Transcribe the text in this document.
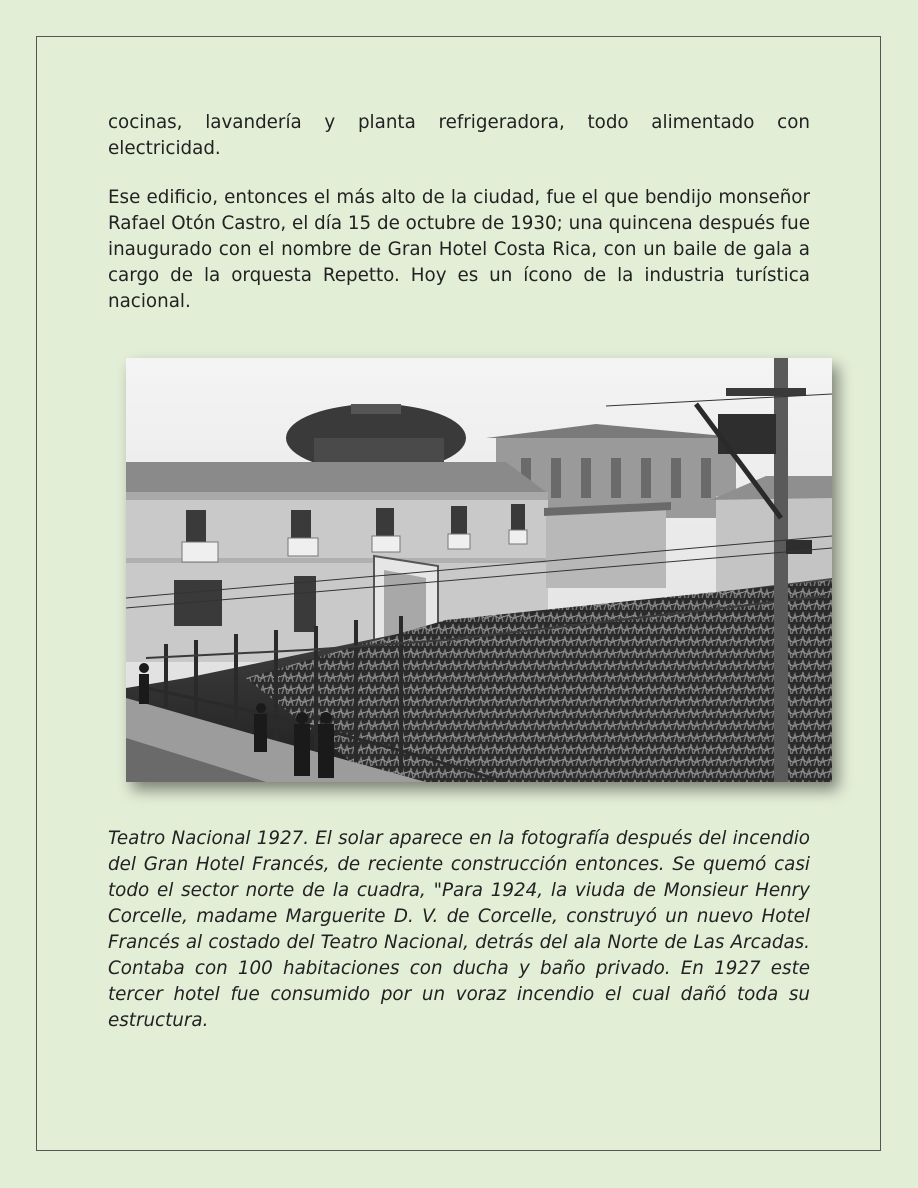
cocinas, lavandería y planta refrigeradora, todo alimentado con electricidad.

Ese edificio, entonces el más alto de la ciudad, fue el que bendijo monseñor Rafael Otón Castro, el día 15 de octubre de 1930; una quincena después fue inaugurado con el nombre de Gran Hotel Costa Rica, con un baile de gala a cargo de la orquesta Repetto. Hoy es un ícono de la industria turística nacional.

Teatro Nacional 1927. El solar aparece en la fotografía después del incendio del Gran Hotel Francés, de reciente construcción entonces. Se quemó casi todo el sector norte de la cuadra, "Para 1924, la viuda de Monsieur Henry Corcelle, madame Marguerite D. V. de Corcelle, construyó un nuevo Hotel Francés al costado del Teatro Nacional, detrás del ala Norte de Las Arcadas. Contaba con 100 habitaciones con ducha y baño privado. En 1927 este tercer hotel fue consumido por un voraz incendio el cual dañó toda su estructura.
